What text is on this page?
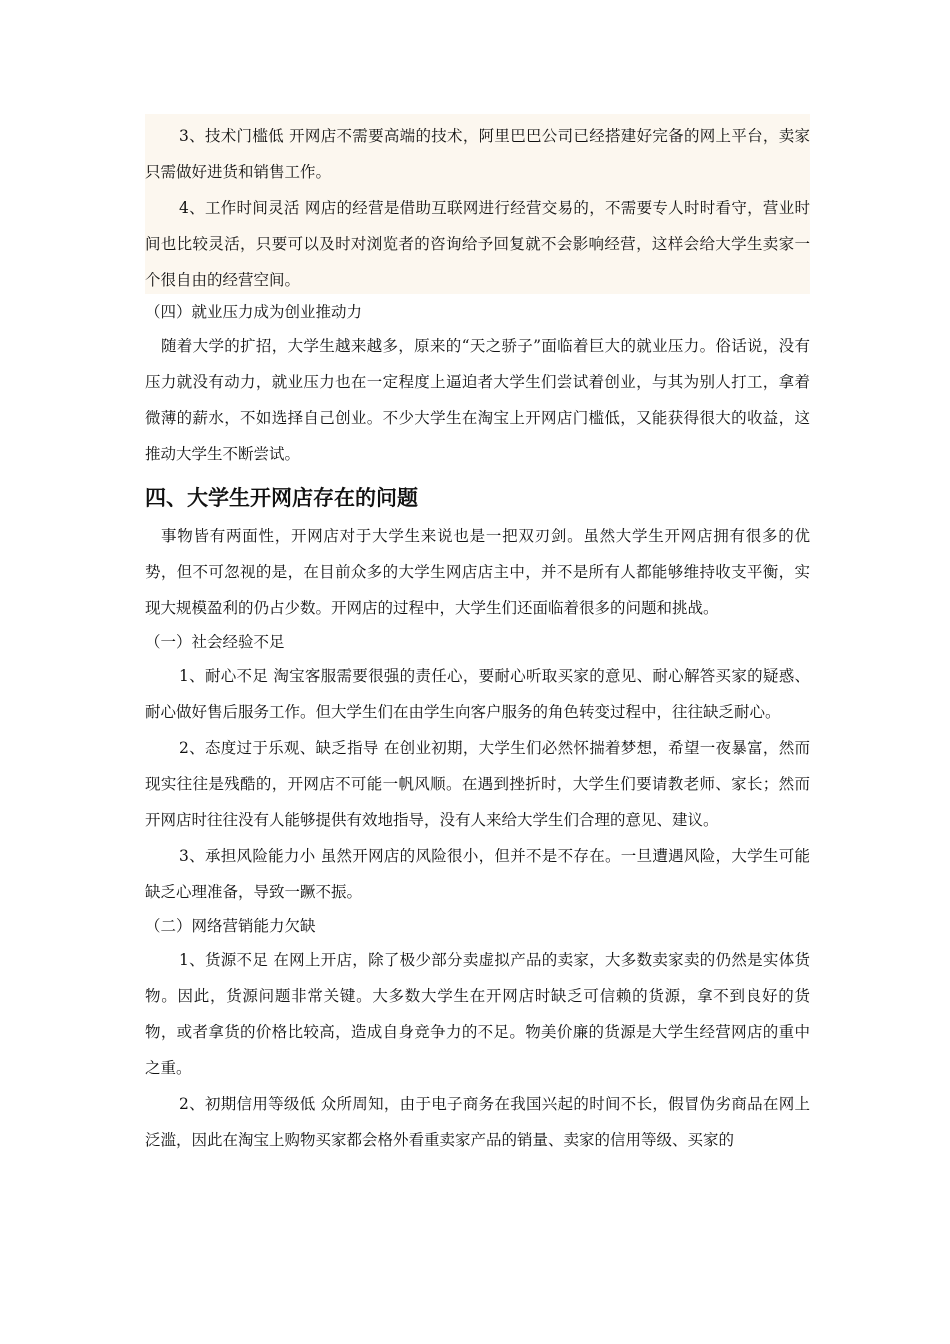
3、技术门槛低 开网店不需要高端的技术，阿里巴巴公司已经搭建好完备的网上平台，卖家只需做好进货和销售工作。

4、工作时间灵活 网店的经营是借助互联网进行经营交易的，不需要专人时时看守，营业时间也比较灵活，只要可以及时对浏览者的咨询给予回复就不会影响经营，这样会给大学生卖家一个很自由的经营空间。

（四）就业压力成为创业推动力

随着大学的扩招，大学生越来越多，原来的“天之骄子”面临着巨大的就业压力。俗话说，没有压力就没有动力，就业压力也在一定程度上逼迫者大学生们尝试着创业，与其为别人打工，拿着微薄的薪水，不如选择自己创业。不少大学生在淘宝上开网店门槛低，又能获得很大的收益，这推动大学生不断尝试。

四、大学生开网店存在的问题

事物皆有两面性，开网店对于大学生来说也是一把双刃剑。虽然大学生开网店拥有很多的优势，但不可忽视的是，在目前众多的大学生网店店主中，并不是所有人都能够维持收支平衡，实现大规模盈利的仍占少数。开网店的过程中，大学生们还面临着很多的问题和挑战。

（一）社会经验不足

1、耐心不足 淘宝客服需要很强的责任心，要耐心听取买家的意见、耐心解答买家的疑惑、耐心做好售后服务工作。但大学生们在由学生向客户服务的角色转变过程中，往往缺乏耐心。

2、态度过于乐观、缺乏指导 在创业初期，大学生们必然怀揣着梦想，希望一夜暴富，然而现实往往是残酷的，开网店不可能一帆风顺。在遇到挫折时，大学生们要请教老师、家长；然而开网店时往往没有人能够提供有效地指导，没有人来给大学生们合理的意见、建议。

3、承担风险能力小 虽然开网店的风险很小，但并不是不存在。一旦遭遇风险，大学生可能缺乏心理准备，导致一蹶不振。

（二）网络营销能力欠缺

1、货源不足 在网上开店，除了极少部分卖虚拟产品的卖家，大多数卖家卖的仍然是实体货物。因此，货源问题非常关键。大多数大学生在开网店时缺乏可信赖的货源，拿不到良好的货物，或者拿货的价格比较高，造成自身竞争力的不足。物美价廉的货源是大学生经营网店的重中之重。

2、初期信用等级低 众所周知，由于电子商务在我国兴起的时间不长，假冒伪劣商品在网上泛滥，因此在淘宝上购物买家都会格外看重卖家产品的销量、卖家的信用等级、买家的
